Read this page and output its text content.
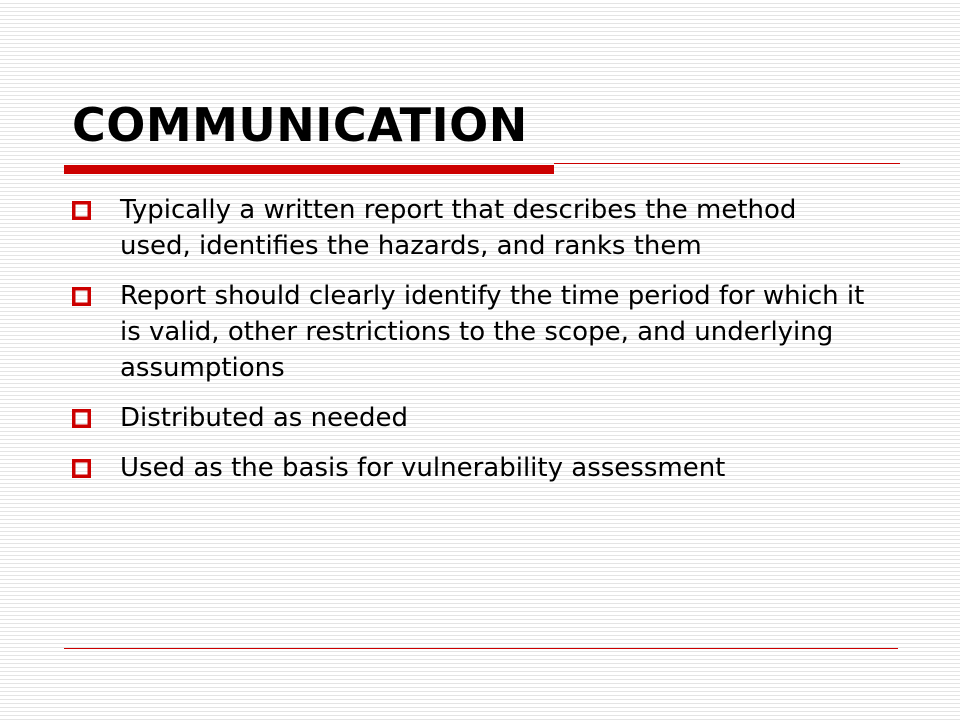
COMMUNICATION
Typically a written report that describes the method used, identifies the hazards, and ranks them
Report should clearly identify the time period for which it is valid, other restrictions to the scope, and underlying assumptions
Distributed as needed
Used as the basis for vulnerability assessment
